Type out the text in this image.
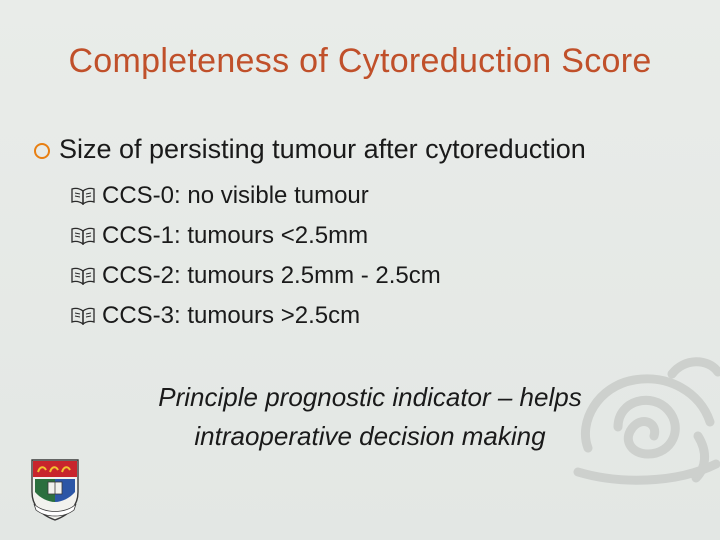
Completeness of Cytoreduction Score
Size of persisting tumour after cytoreduction
CCS-0: no visible tumour
CCS-1: tumours <2.5mm
CCS-2: tumours 2.5mm - 2.5cm
CCS-3: tumours >2.5cm
Principle prognostic indicator – helps
intraoperative decision making
